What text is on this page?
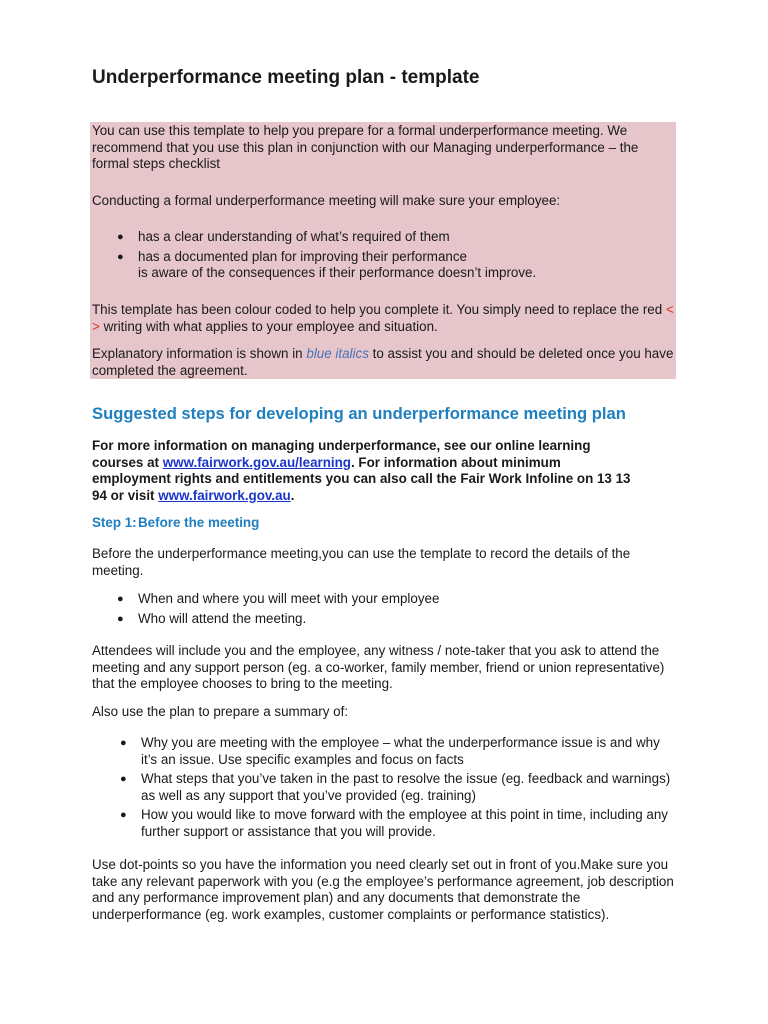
Underperformance meeting plan - template

You can use this template to help you prepare for a formal underperformance meeting. We recommend that you use this plan in conjunction with our Managing underperformance – the formal steps checklist

Conducting a formal underperformance meeting will make sure your employee:

● has a clear understanding of what’s required of them
● has a documented plan for improving their performance
is aware of the consequences if their performance doesn’t improve.

This template has been colour coded to help you complete it. You simply need to replace the red < > writing with what applies to your employee and situation.

Explanatory information is shown in blue italics to assist you and should be deleted once you have completed the agreement.

Suggested steps for developing an underperformance meeting plan

For more information on managing underperformance, see our online learning courses at www.fairwork.gov.au/learning. For information about minimum employment rights and entitlements you can also call the Fair Work Infoline on 13 13 94 or visit www.fairwork.gov.au.

Step 1:Before the meeting

Before the underperformance meeting,you can use the template to record the details of the meeting.

● When and where you will meet with your employee
● Who will attend the meeting.

Attendees will include you and the employee, any witness / note-taker that you ask to attend the meeting and any support person (eg. a co-worker, family member, friend or union representative) that the employee chooses to bring to the meeting.

Also use the plan to prepare a summary of:

● Why you are meeting with the employee – what the underperformance issue is and why it’s an issue. Use specific examples and focus on facts
● What steps that you’ve taken in the past to resolve the issue (eg. feedback and warnings) as well as any support that you’ve provided (eg. training)
● How you would like to move forward with the employee at this point in time, including any further support or assistance that you will provide.

Use dot-points so you have the information you need clearly set out in front of you.Make sure you take any relevant paperwork with you (e.g the employee’s performance agreement, job description and any performance improvement plan) and any documents that demonstrate the underperformance (eg. work examples, customer complaints or performance statistics).
